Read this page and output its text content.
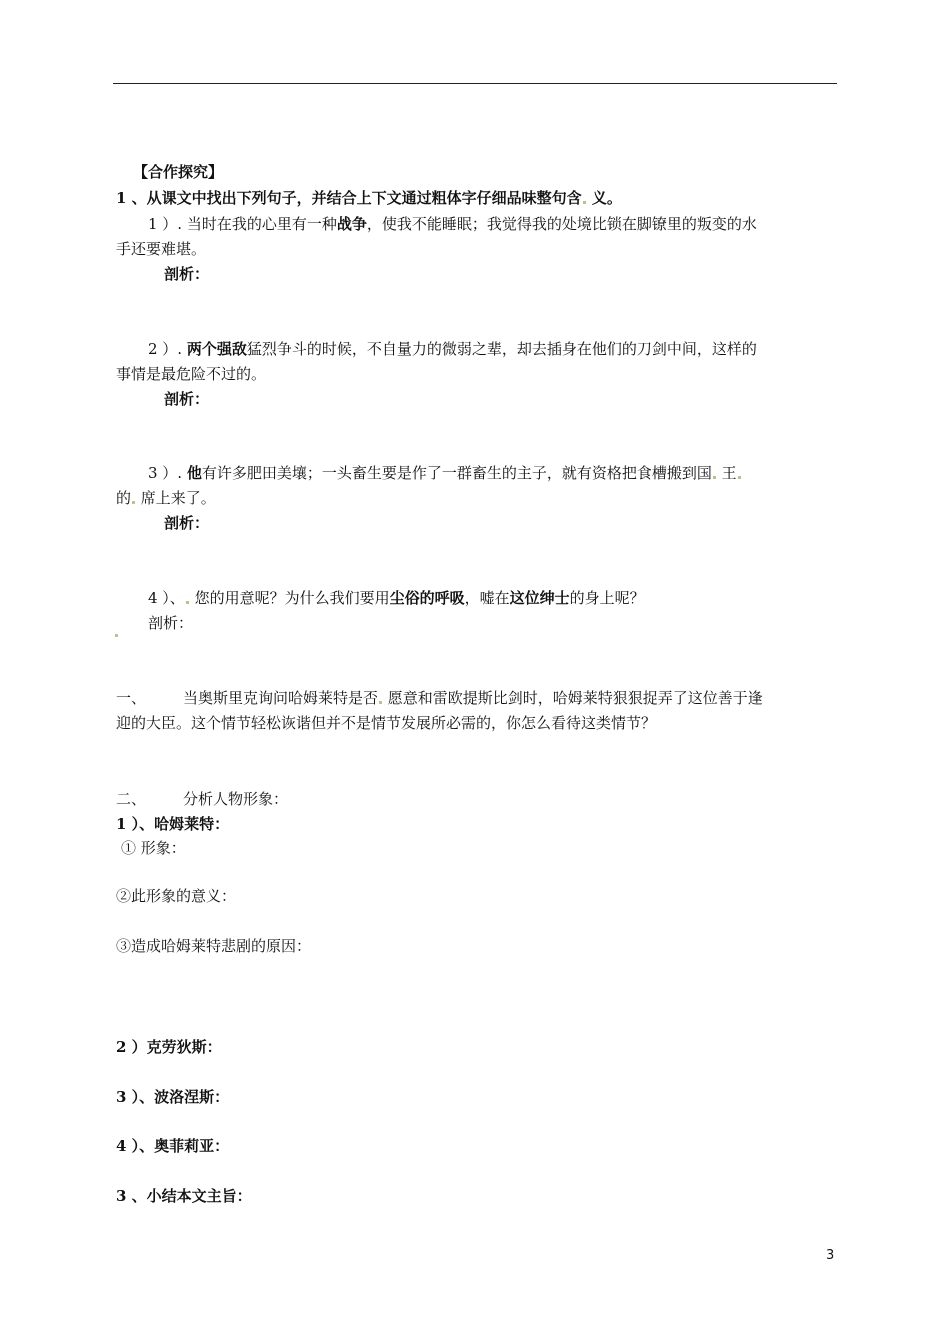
【合作探究】
1 、从课文中找出下列句子，并结合上下文通过粗体字仔细品味整句含 义。
1 ）. 当时在我的心里有一种战争，使我不能睡眠；我觉得我的处境比锁在脚镣里的叛变的水
手还要难堪。
剖析：
2 ）. 两个强敌猛烈争斗的时候，不自量力的微弱之辈，却去插身在他们的刀剑中间，这样的
事情是最危险不过的。
剖析：
3 ）. 他有许多肥田美壤；一头畜生要是作了一群畜生的主子，就有资格把食槽搬到国 王
的 席上来了。
剖析：
4 ）、 您的用意呢？为什么我们要用尘俗的呼吸，嘘在这位绅士的身上呢？
剖析：
一、 当奥斯里克询问哈姆莱特是否 愿意和雷欧提斯比剑时，哈姆莱特狠狠捉弄了这位善于逢
迎的大臣。这个情节轻松诙谐但并不是情节发展所必需的，你怎么看待这类情节？
二、 分析人物形象：
1 ）、哈姆莱特：
① 形象：
②此形象的意义：
③造成哈姆莱特悲剧的原因：
2 ）克劳狄斯：
3 ）、波洛涅斯：
4 ）、奥菲莉亚：
3 、小结本文主旨：
3
